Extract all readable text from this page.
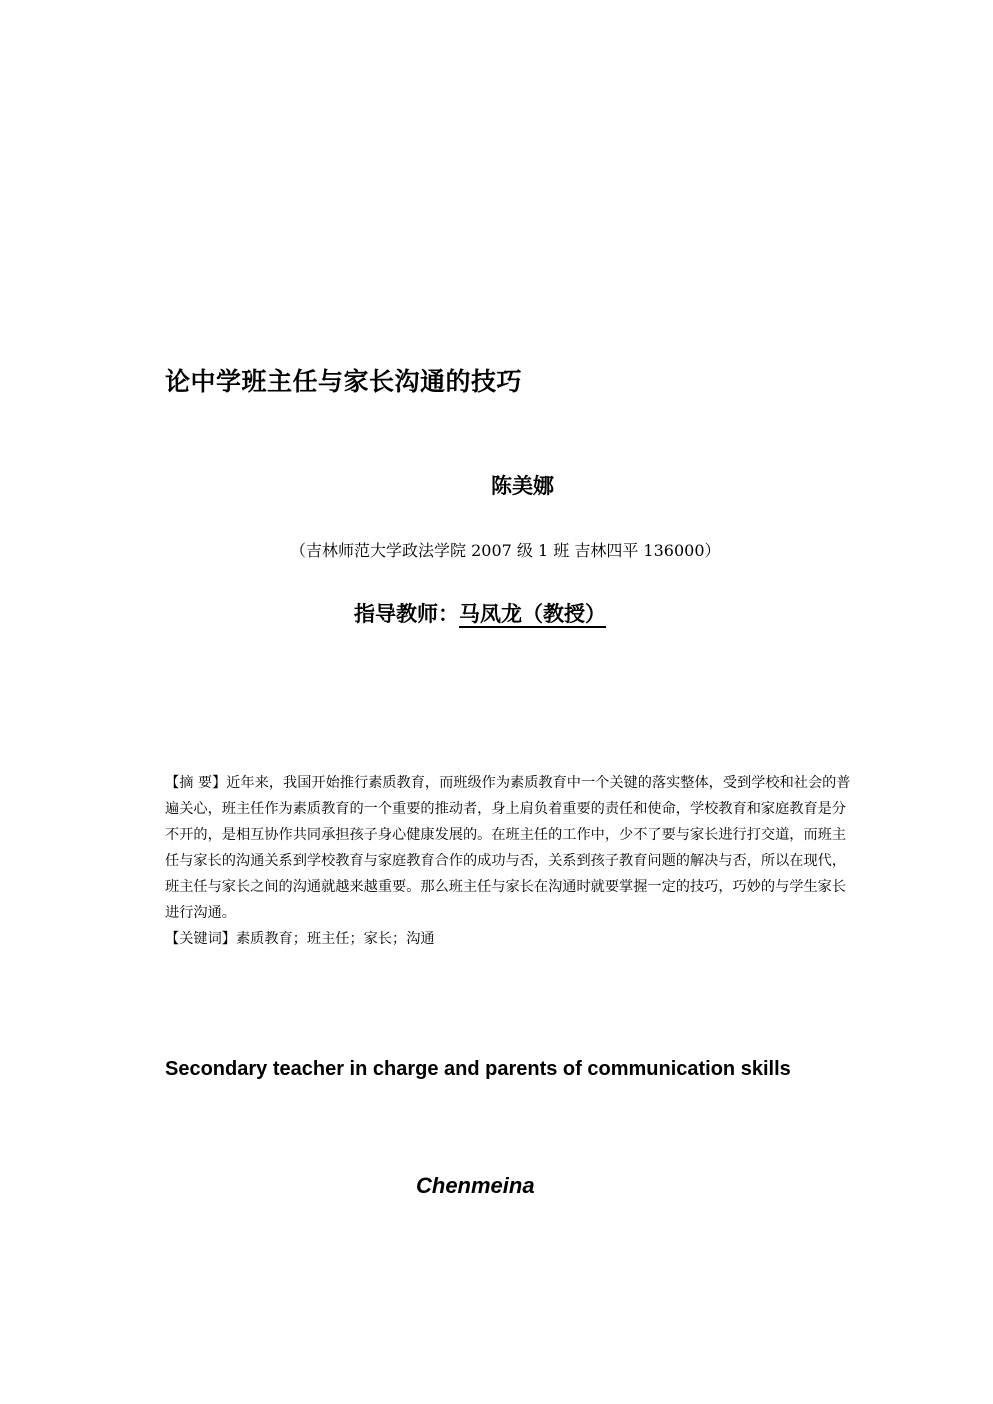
论中学班主任与家长沟通的技巧
陈美娜
（吉林师范大学政法学院 2007 级 1 班 吉林四平 136000）
指导教师：马凤龙（教授）
【摘 要】近年来，我国开始推行素质教育，而班级作为素质教育中一个关键的落实整体，受到学校和社会的普遍关心，班主任作为素质教育的一个重要的推动者，身上肩负着重要的责任和使命，学校教育和家庭教育是分不开的，是相互协作共同承担孩子身心健康发展的。在班主任的工作中，少不了要与家长进行打交道，而班主任与家长的沟通关系到学校教育与家庭教育合作的成功与否，关系到孩子教育问题的解决与否，所以在现代，班主任与家长之间的沟通就越来越重要。那么班主任与家长在沟通时就要掌握一定的技巧，巧妙的与学生家长进行沟通。
【关键词】素质教育；班主任；家长；沟通
Secondary teacher in charge and parents of communication skills
Chenmeina
